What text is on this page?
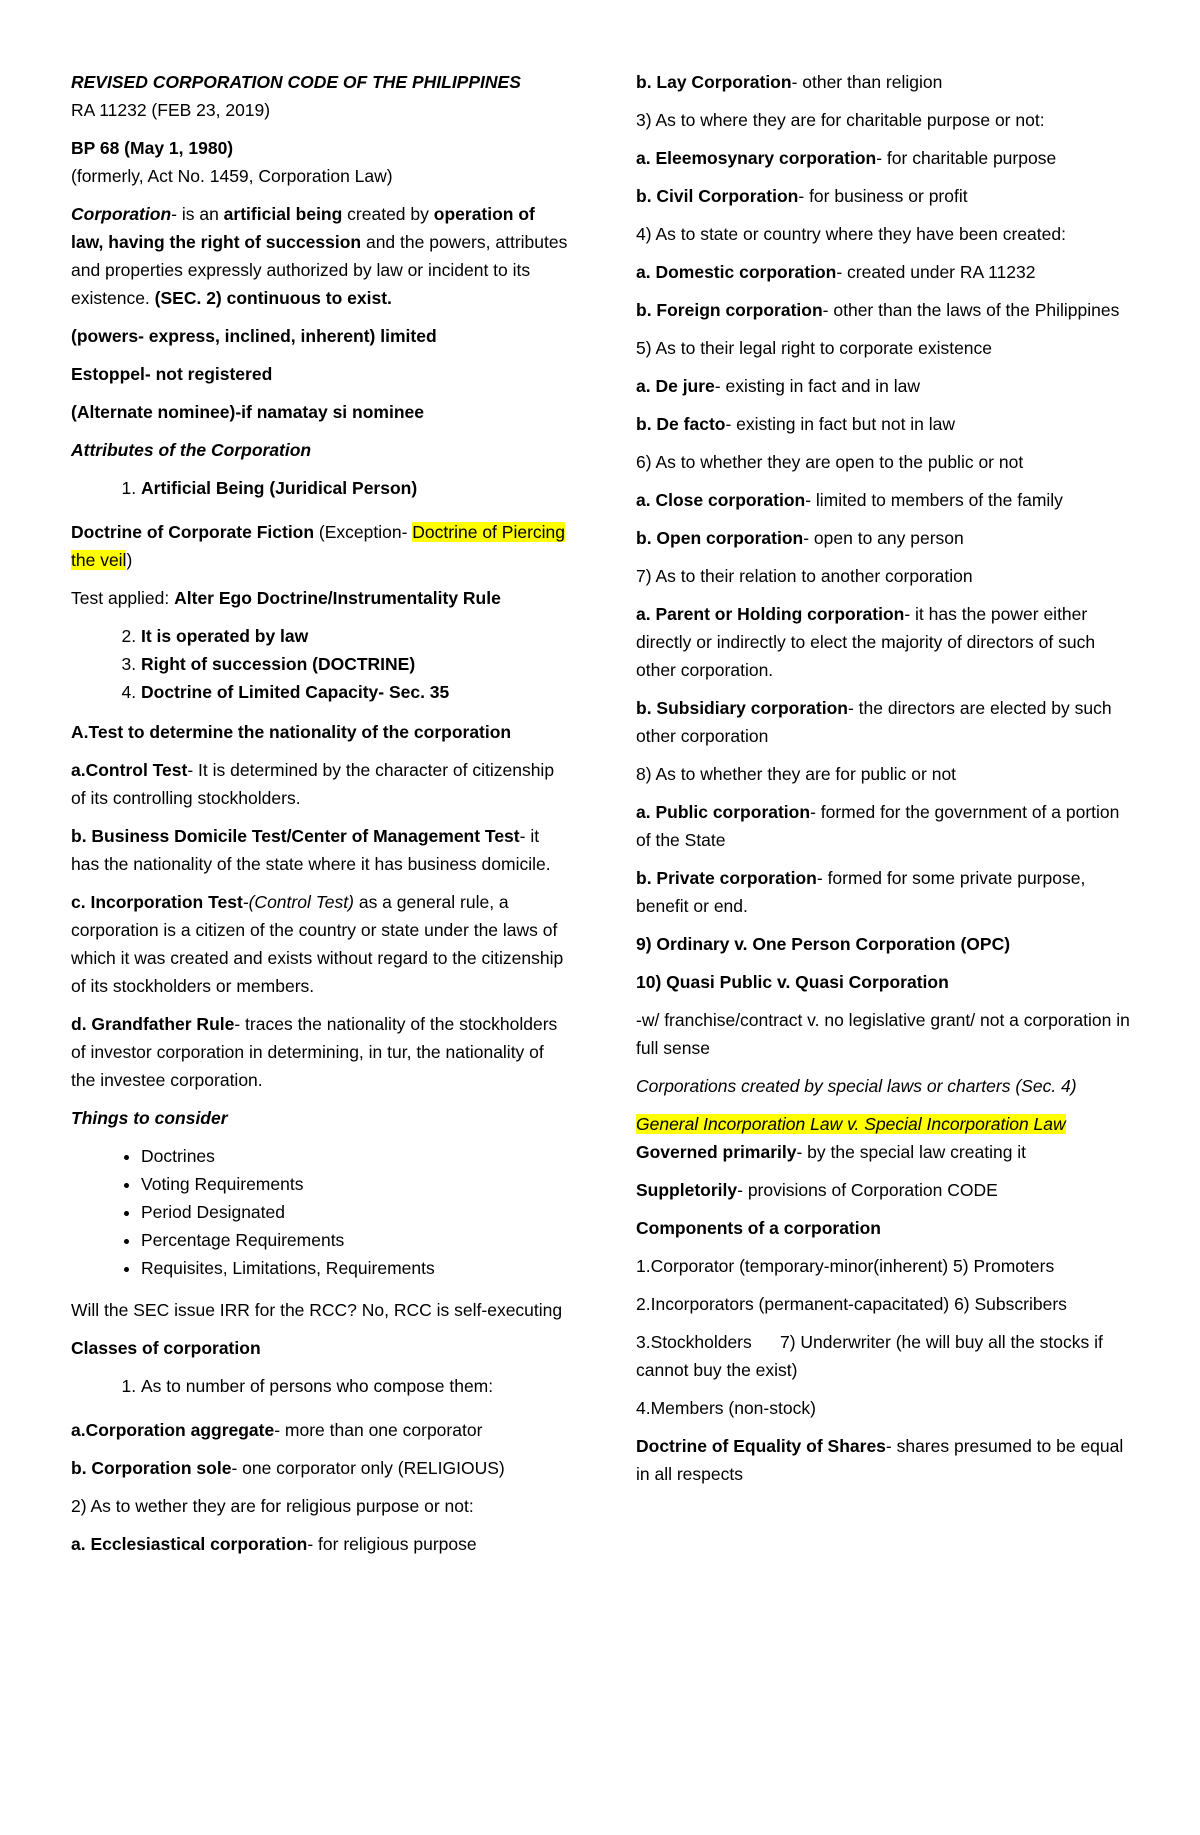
REVISED CORPORATION CODE OF THE PHILIPPINES

RA 11232 (FEB 23, 2019)

BP 68 (May 1, 1980)

(formerly, Act No. 1459, Corporation Law)

Corporation- is an artificial being created by operation of law, having the right of succession and the powers, attributes and properties expressly authorized by law or incident to its existence. (SEC. 2) continuous to exist.

(powers- express, inclined, inherent) limited

Estoppel- not registered

(Alternate nominee)-if namatay si nominee

Attributes of the Corporation

1. Artificial Being (Juridical Person)

Doctrine of Corporate Fiction (Exception- Doctrine of Piercing the veil)

Test applied: Alter Ego Doctrine/Instrumentality Rule

2. It is operated by law
3. Right of succession (DOCTRINE)
4. Doctrine of Limited Capacity- Sec. 35

A.Test to determine the nationality of the corporation

a.Control Test- It is determined by the character of citizenship of its controlling stockholders.

b. Business Domicile Test/Center of Management Test- it has the nationality of the state where it has business domicile.

c. Incorporation Test-(Control Test) as a general rule, a corporation is a citizen of the country or state under the laws of which it was created and exists without regard to the citizenship of its stockholders or members.

d. Grandfather Rule- traces the nationality of the stockholders of investor corporation in determining, in tur, the nationality of the investee corporation.

Things to consider

• Doctrines
• Voting Requirements
• Period Designated
• Percentage Requirements
• Requisites, Limitations, Requirements

Will the SEC issue IRR for the RCC? No, RCC is self-executing

Classes of corporation

1. As to number of persons who compose them:

a.Corporation aggregate- more than one corporator

b. Corporation sole- one corporator only (RELIGIOUS)

2) As to wether they are for religious purpose or not:

a. Ecclesiastical corporation- for religious purpose

b. Lay Corporation- other than religion

3) As to where they are for charitable purpose or not:

a. Eleemosynary corporation- for charitable purpose

b. Civil Corporation- for business or profit

4) As to state or country where they have been created:

a. Domestic corporation- created under RA 11232

b. Foreign corporation- other than the laws of the Philippines

5) As to their legal right to corporate existence

a. De jure- existing in fact and in law

b. De facto- existing in fact but not in law

6) As to whether they are open to the public or not

a. Close corporation- limited to members of the family

b. Open corporation- open to any person

7) As to their relation to another corporation

a. Parent or Holding corporation- it has the power either directly or indirectly to elect the majority of directors of such other corporation.

b. Subsidiary corporation- the directors are elected by such other corporation

8) As to whether they are for public or not

a. Public corporation- formed for the government of a portion of the State

b. Private corporation- formed for some private purpose, benefit or end.

9) Ordinary v. One Person Corporation (OPC)

10) Quasi Public v. Quasi Corporation

-w/ franchise/contract v. no legislative grant/ not a corporation in full sense

Corporations created by special laws or charters (Sec. 4)

General Incorporation Law v. Special Incorporation Law

Governed primarily- by the special law creating it

Suppletorily- provisions of Corporation CODE

Components of a corporation

1.Corporator (temporary-minor(inherent) 5) Promoters

2.Incorporators (permanent-capacitated) 6) Subscribers

3.Stockholders 7) Underwriter (he will buy all the stocks if cannot buy the exist)

4.Members (non-stock)

Doctrine of Equality of Shares- shares presumed to be equal in all respects
